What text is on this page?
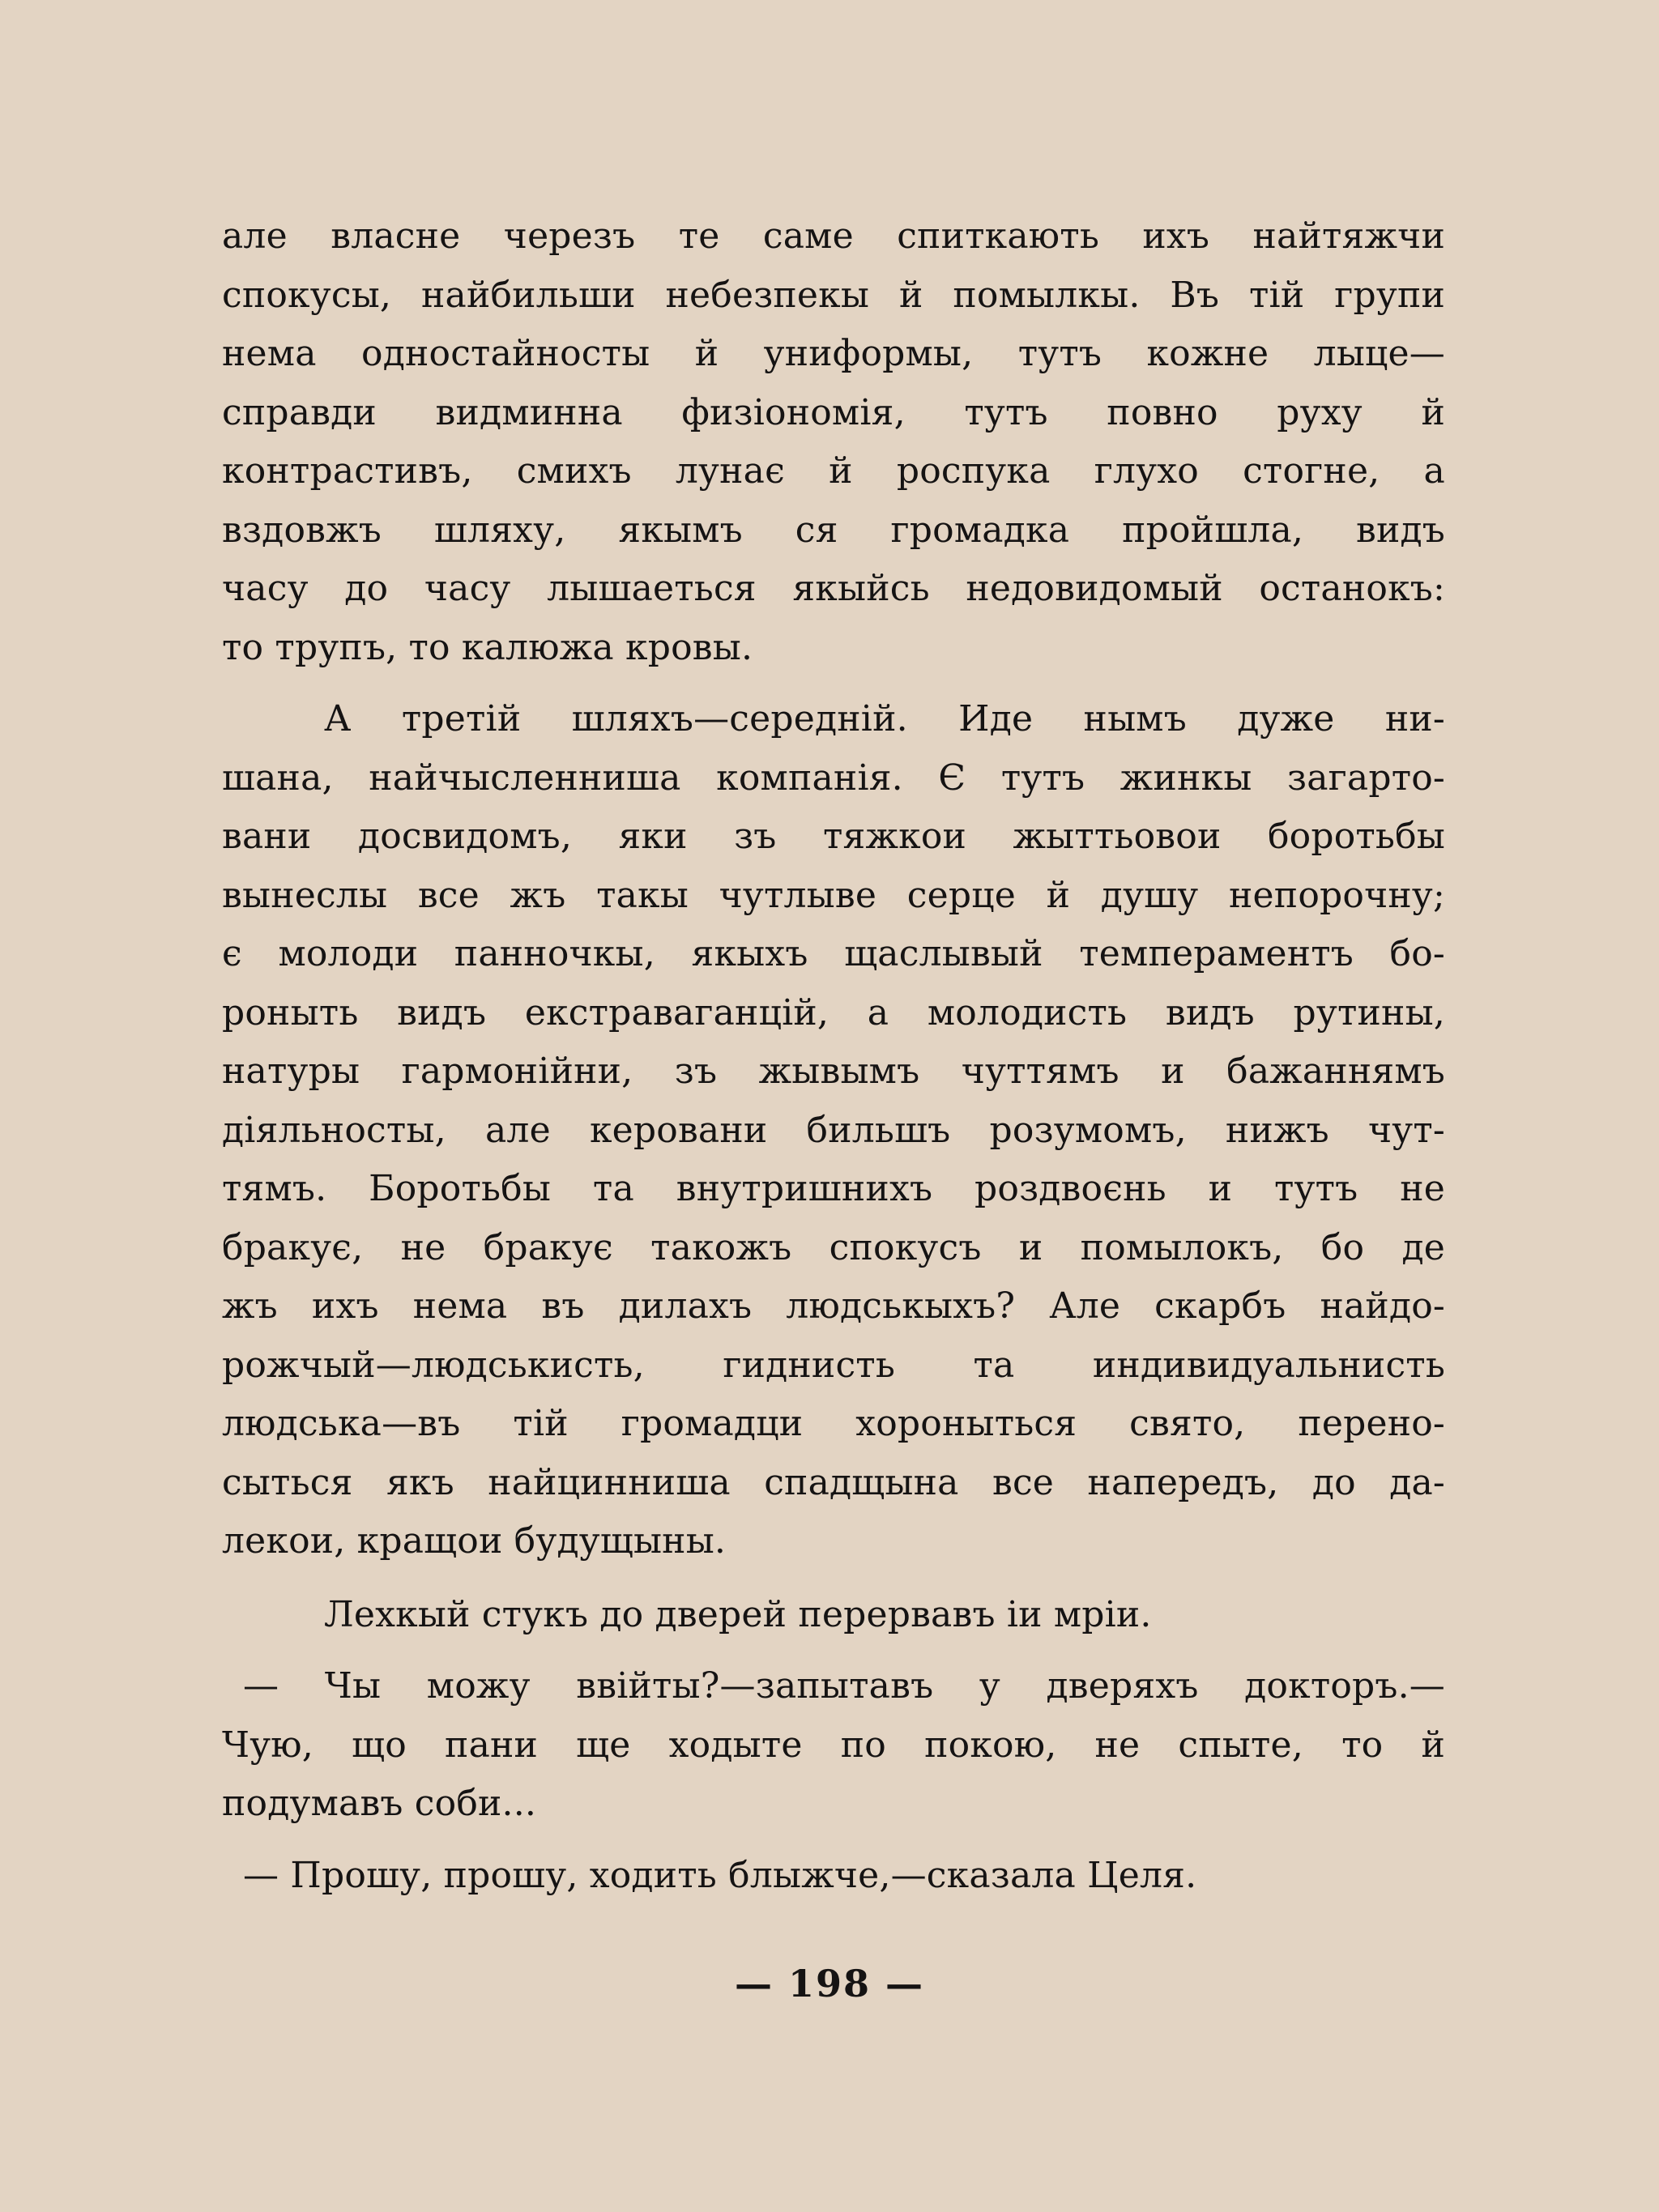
але власне черезъ те саме спиткають ихъ найтяжчи
спокусы, найбильши небезпекы й помылкы. Въ тій групи
нема одностайносты й униформы, тутъ кожне лыце—
справди видминна физіономія, тутъ повно руху й
контрастивъ, смихъ лунає й роспука глухо стогне, а
вздовжъ шляху, якымъ ся громадка пройшла, видъ
часу до часу лышаеться якыйсь недовидомый останокъ:
то трупъ, то калюжа кровы.
А третій шляхъ—середній. Иде нымъ дуже ни-
шана, найчысленниша компанія. Є тутъ жинкы загарто-
вани досвидомъ, яки зъ тяжкои жыттьовои боротьбы
вынеслы все жъ такы чутлыве серце й душу непорочну;
є молоди панночкы, якыхъ щаслывый темпераментъ бо-
роныть видъ екстраваганцій, а молодисть видъ рутины,
натуры гармонійни, зъ жывымъ чуттямъ и бажаннямъ
діяльносты, але керовани бильшъ розумомъ, нижъ чут-
тямъ. Боротьбы та внутришнихъ роздвоєнь и тутъ не
бракує, не бракує такожъ спокусъ и помылокъ, бо де
жъ ихъ нема въ дилахъ людськыхъ? Але скарбъ найдо-
рожчый—людськисть, гиднисть та индивидуальнисть
людська—въ тій громадци хороныться свято, перено-
сыться якъ найцинниша спадщына все напередъ, до да-
лекои, кращои будущыны.
Лехкый стукъ до дверей перервавъ іи мріи.
— Чы можу ввійты?—запытавъ у дверяхъ докторъ.—
Чую, що пани ще ходыте по покою, не спыте, то й
подумавъ соби...
— Прошу, прошу, ходить блыжче,—сказала Целя.
— 198 —
